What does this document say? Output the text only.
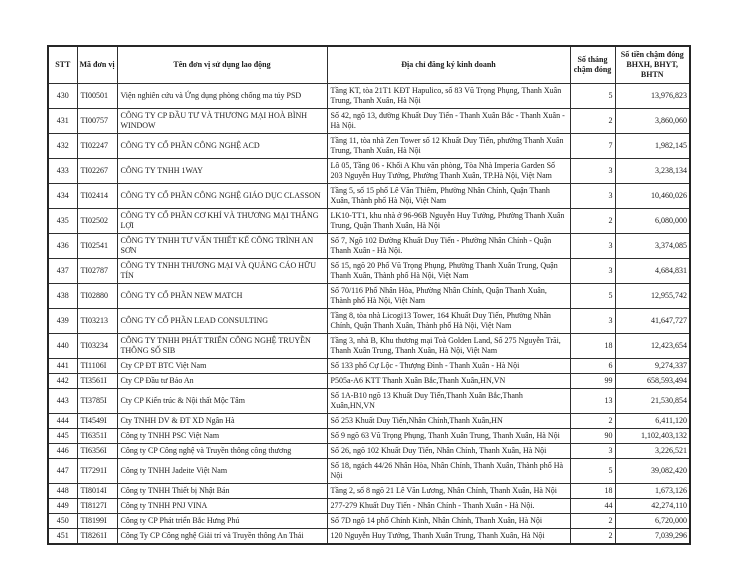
STT	Mã đơn vị	Tên đơn vị sử dụng lao động	Địa chỉ đăng ký kinh doanh	Số tháng chậm đóng	Số tiền chậm đóng BHXH, BHYT, BHTN
430	TI00501	Viện nghiên cứu và Ứng dụng phòng chống ma túy PSD	Tầng KT, tòa 21T1 KĐT Hapulico, số 83 Vũ Trọng Phụng, Thanh Xuân Trung, Thanh Xuân, Hà Nội	5	13,976,823
431	TI00757	CÔNG TY CP ĐẦU TƯ VÀ THƯƠNG MẠI HOÀ BÌNH WINDOW	Số 42, ngõ 13, đường Khuất Duy Tiến - Thanh Xuân Bắc - Thanh Xuân - Hà Nội.	2	3,860,060
432	TI02247	CÔNG TY CỔ PHẦN CÔNG NGHỆ ACD	Tầng 11, tòa nhà Zen Tower số 12 Khuất Duy Tiến, phường Thanh Xuân Trung, Thanh Xuân, Hà Nội	7	1,982,145
433	TI02267	CÔNG TY TNHH 1WAY	Lô 05, Tầng 06 - Khối A Khu văn phòng, Tòa Nhà Imperia Garden Số 203 Nguyễn Huy Tưởng, Phường Thanh Xuân, TP.Hà Nội, Việt Nam	3	3,238,134
434	TI02414	CÔNG TY CỔ PHẦN CÔNG NGHỆ GIÁO DỤC CLASSON	Tầng 5, số 15 phố Lê Văn Thiêm, Phường Nhân Chính, Quận Thanh Xuân, Thành phố Hà Nội, Việt Nam	3	10,460,026
435	TI02502	CÔNG TY CỔ PHẦN CƠ KHÍ VÀ THƯƠNG MẠI THẮNG LỢI	LK10-TT1, khu nhà ở 96-96B Nguyễn Huy Tưởng, Phường Thanh Xuân Trung, Quận Thanh Xuân, Hà Nội	2	6,080,000
436	TI02541	CÔNG TY TNHH TƯ VẤN THIẾT KẾ CÔNG TRÌNH AN SƠN	Số 7, Ngõ 102 Đường Khuất Duy Tiến - Phường Nhân Chính - Quận Thanh Xuân - Hà Nội.	3	3,374,085
437	TI02787	CÔNG TY TNHH THƯƠNG MẠI VÀ QUẢNG CÁO HỮU TÍN	Số 15, ngõ 20 Phố Vũ Trọng Phụng, Phường Thanh Xuân Trung, Quận Thanh Xuân, Thành phố Hà Nội, Việt Nam	3	4,684,831
438	TI02880	CÔNG TY CỔ PHẦN NEW MATCH	Số 70/116 Phố Nhân Hòa, Phường Nhân Chính, Quận Thanh Xuân, Thành phố Hà Nội, Việt Nam	5	12,955,742
439	TI03213	CÔNG TY CỔ PHẦN LEAD CONSULTING	Tầng 8, tòa nhà Licogi13 Tower, 164 Khuất Duy Tiến, Phường Nhân Chính, Quận Thanh Xuân, Thành phố Hà Nội, Việt Nam	3	41,647,727
440	TI03234	CÔNG TY TNHH PHÁT TRIỂN CÔNG NGHỆ TRUYỀN THÔNG SỐ SIB	Tầng 3, nhà B, Khu thương mại Toà Golden Land, Số 275 Nguyễn Trãi, Thanh Xuân Trung, Thanh Xuân, Hà Nội, Việt Nam	18	12,423,654
441	TI1106I	Cty CP ĐT BTC Việt Nam	Số 133 phố Cự Lộc - Thượng Đình - Thanh Xuân - Hà Nội	6	9,274,337
442	TI3561I	Cty CP Đầu tư Bảo An	P505a-A6 KTT Thanh Xuân Bắc,Thanh Xuân,HN,VN	99	658,593,494
443	TI3785I	Cty CP Kiến trúc & Nội thất Mộc Tâm	Số 1A-B10 ngõ 13 Khuất Duy Tiến,Thanh Xuân Bắc,Thanh Xuân,HN,VN	13	21,530,854
444	TI4549I	Cty TNHH DV & ĐT XD Ngân Hà	Số 253 Khuất Duy Tiến,Nhân Chính,Thanh Xuân,HN	2	6,411,120
445	TI6351I	Công ty TNHH PSC Việt Nam	Số 9 ngõ 63 Vũ Trọng Phụng, Thanh Xuân Trung, Thanh Xuân, Hà Nội	90	1,102,403,132
446	TI6356I	Công ty CP Công nghệ và Truyền thông công thương	Số 26, ngõ 102 Khuất Duy Tiến, Nhân Chính, Thanh Xuân, Hà Nội	3	3,226,521
447	TI7291I	Công ty TNHH Jadeite Việt Nam	Số 18, ngách 44/26 Nhân Hòa, Nhân Chính, Thanh Xuân, Thành phố Hà Nội	5	39,082,420
448	TI8014I	Công ty TNHH Thiết bị Nhật Bản	Tầng 2, số 8 ngõ 21 Lê Văn Lương, Nhân Chính, Thanh Xuân, Hà Nội	18	1,673,126
449	TI8127I	Công ty TNHH PNJ VINA	277-279 Khuất Duy Tiến - Nhân Chính - Thanh Xuân - Hà Nội.	44	42,274,110
450	TI8199I	Công ty CP Phát triển Bắc Hưng Phú	Số 7D ngõ 14 phố Chính Kinh, Nhân Chính, Thanh Xuân, Hà Nội	2	6,720,000
451	TI8261I	Công Ty CP Công nghệ Giải trí và Truyền thông An Thái	120 Nguyễn Huy Tưởng, Thanh Xuân Trung, Thanh Xuân, Hà Nội	2	7,039,296
